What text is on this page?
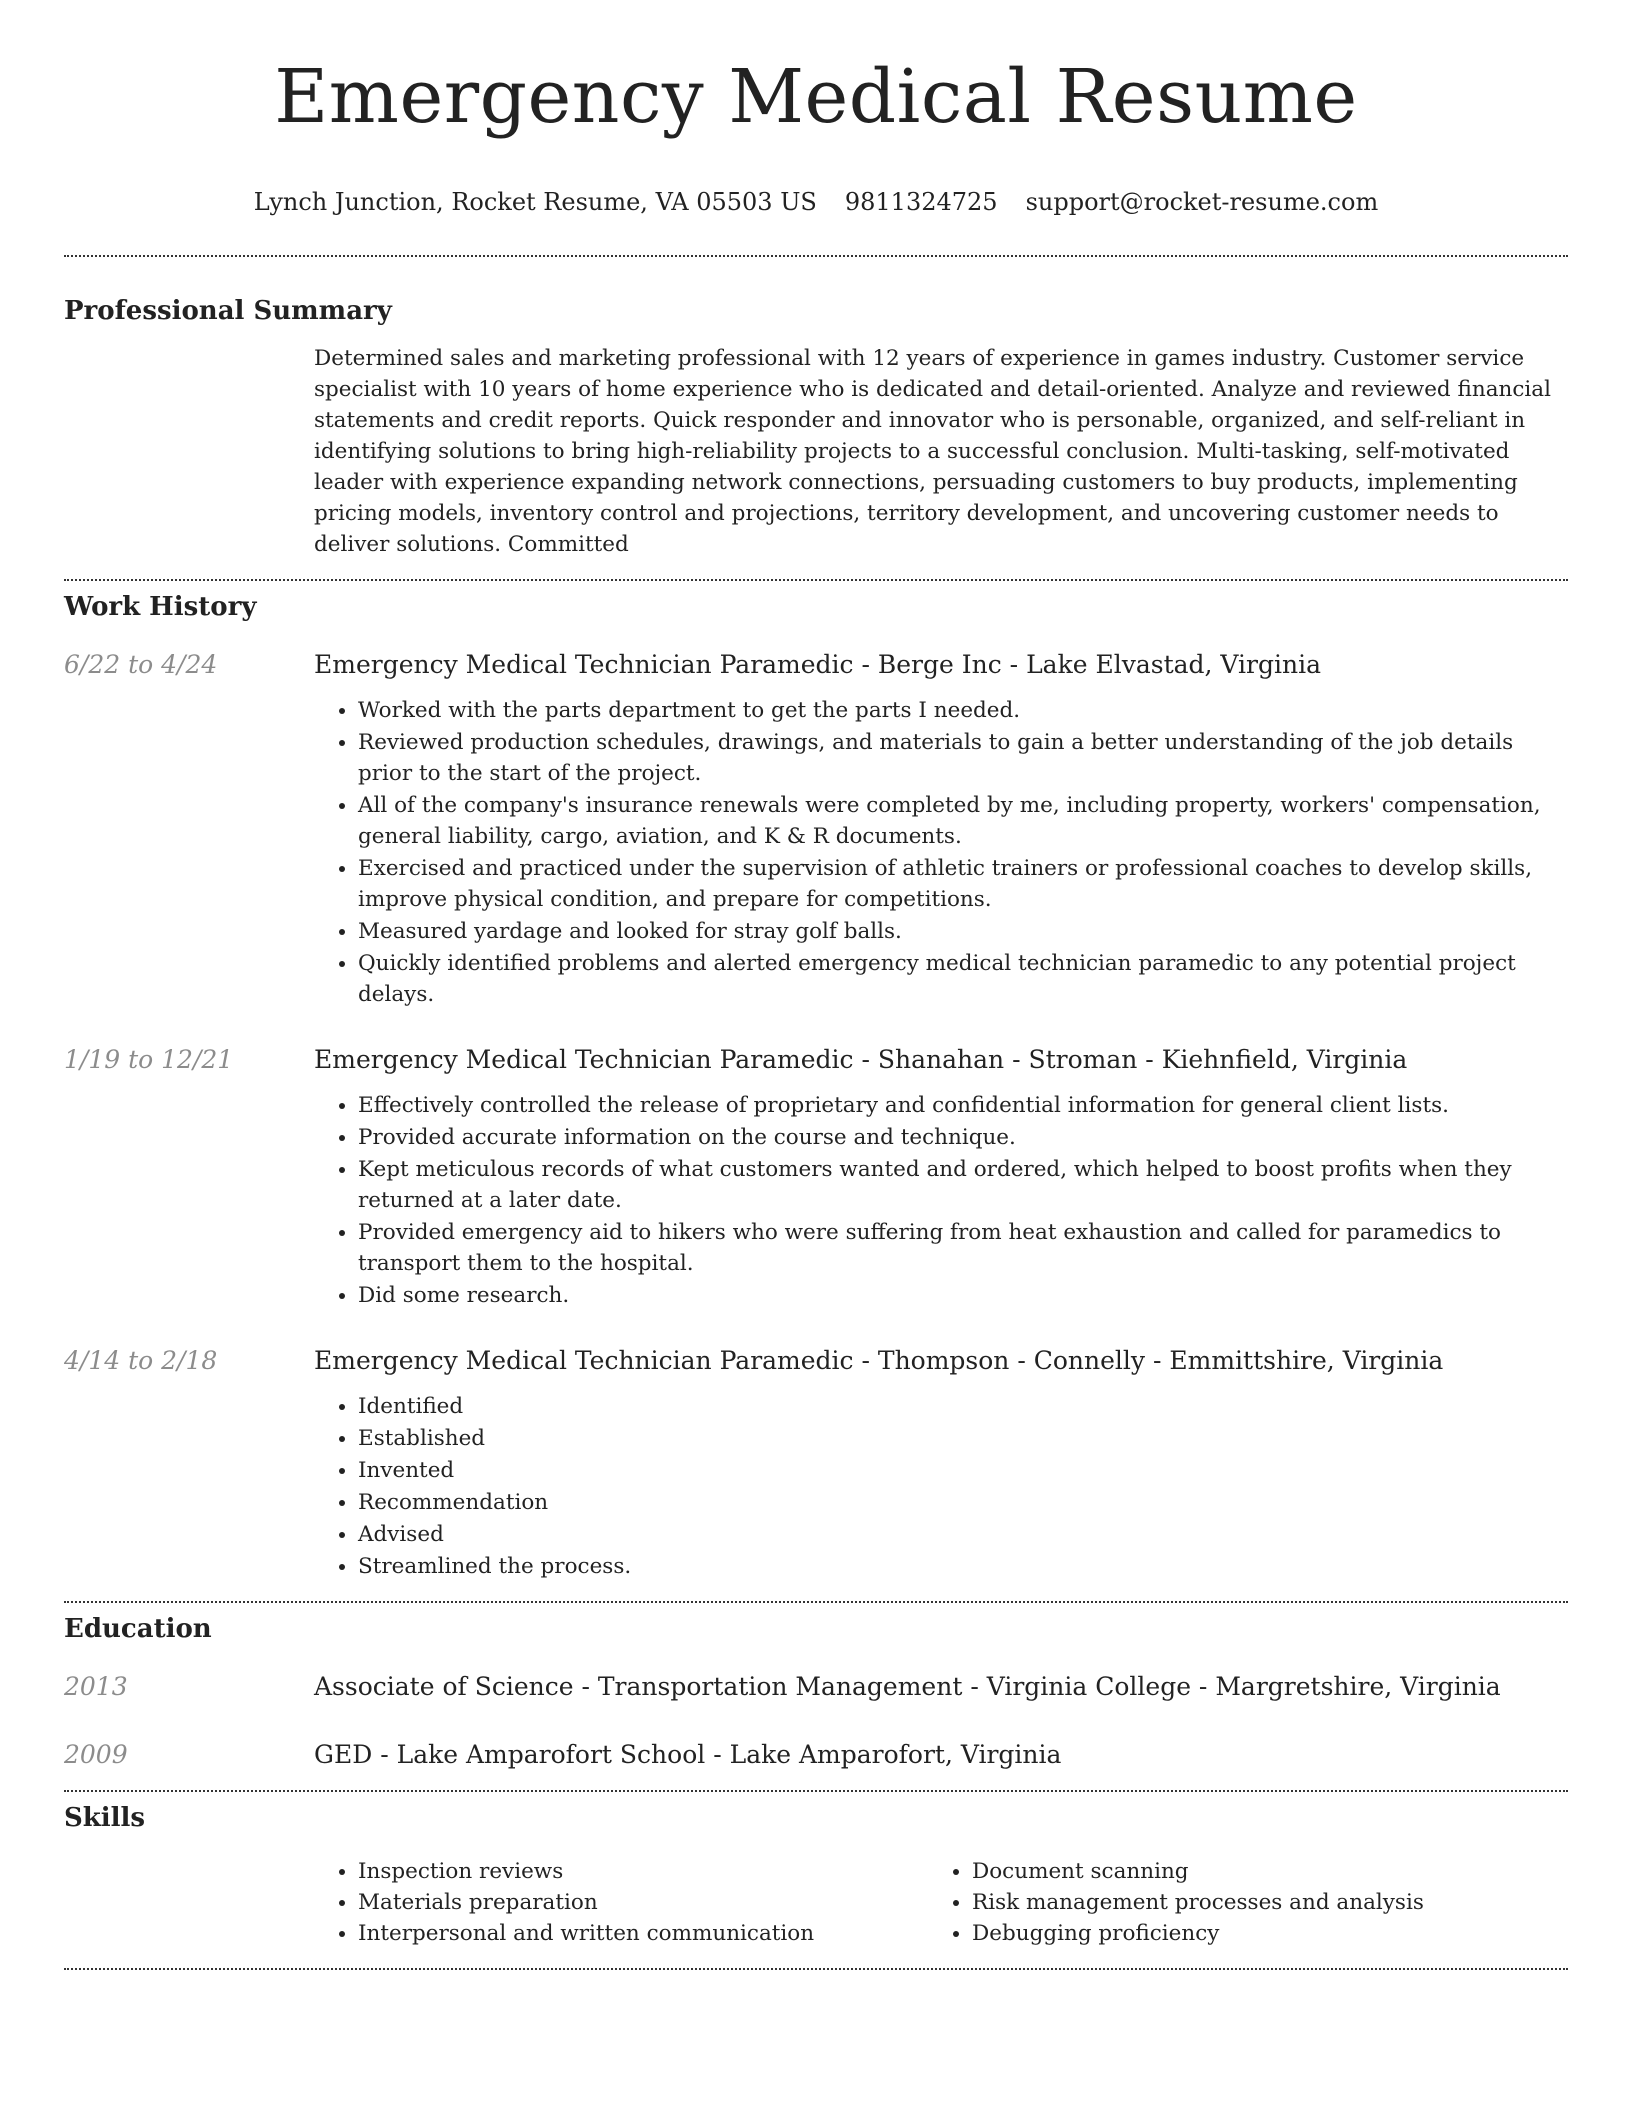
Emergency Medical Resume
Lynch Junction, Rocket Resume, VA 05503 US 9811324725 support@rocket-resume.com
Professional Summary

Determined sales and marketing professional with 12 years of experience in games industry. Customer service specialist with 10 years of home experience who is dedicated and detail-oriented. Analyze and reviewed financial statements and credit reports. Quick responder and innovator who is personable, organized, and self-reliant in identifying solutions to bring high-reliability projects to a successful conclusion. Multi-tasking, self-motivated leader with experience expanding network connections, persuading customers to buy products, implementing pricing models, inventory control and projections, territory development, and uncovering customer needs to deliver solutions. Committed

Work History
6/22 to 4/24	Emergency Medical Technician Paramedic - Berge Inc - Lake Elvastad, Virginia

• Worked with the parts department to get the parts I needed.
• Reviewed production schedules, drawings, and materials to gain a better understanding of the job details prior to the start of the project.
• All of the company's insurance renewals were completed by me, including property, workers' compensation, general liability, cargo, aviation, and K & R documents.
• Exercised and practiced under the supervision of athletic trainers or professional coaches to develop skills, improve physical condition, and prepare for competitions.
• Measured yardage and looked for stray golf balls.
• Quickly identified problems and alerted emergency medical technician paramedic to any potential project delays.
1/19 to 12/21	Emergency Medical Technician Paramedic - Shanahan - Stroman - Kiehnfield, Virginia

• Effectively controlled the release of proprietary and confidential information for general client lists.
• Provided accurate information on the course and technique.
• Kept meticulous records of what customers wanted and ordered, which helped to boost profits when they returned at a later date.
• Provided emergency aid to hikers who were suffering from heat exhaustion and called for paramedics to transport them to the hospital.
• Did some research.
4/14 to 2/18	Emergency Medical Technician Paramedic - Thompson - Connelly - Emmittshire, Virginia

• Identified
• Established
• Invented
• Recommendation
• Advised
• Streamlined the process.
Education
2013	Associate of Science - Transportation Management - Virginia College - Margretshire, Virginia

2009	GED - Lake Amparofort School - Lake Amparofort, Virginia

Skills
• Inspection reviews
• Materials preparation
• Interpersonal and written communication
• Document scanning
• Risk management processes and analysis
• Debugging proficiency
